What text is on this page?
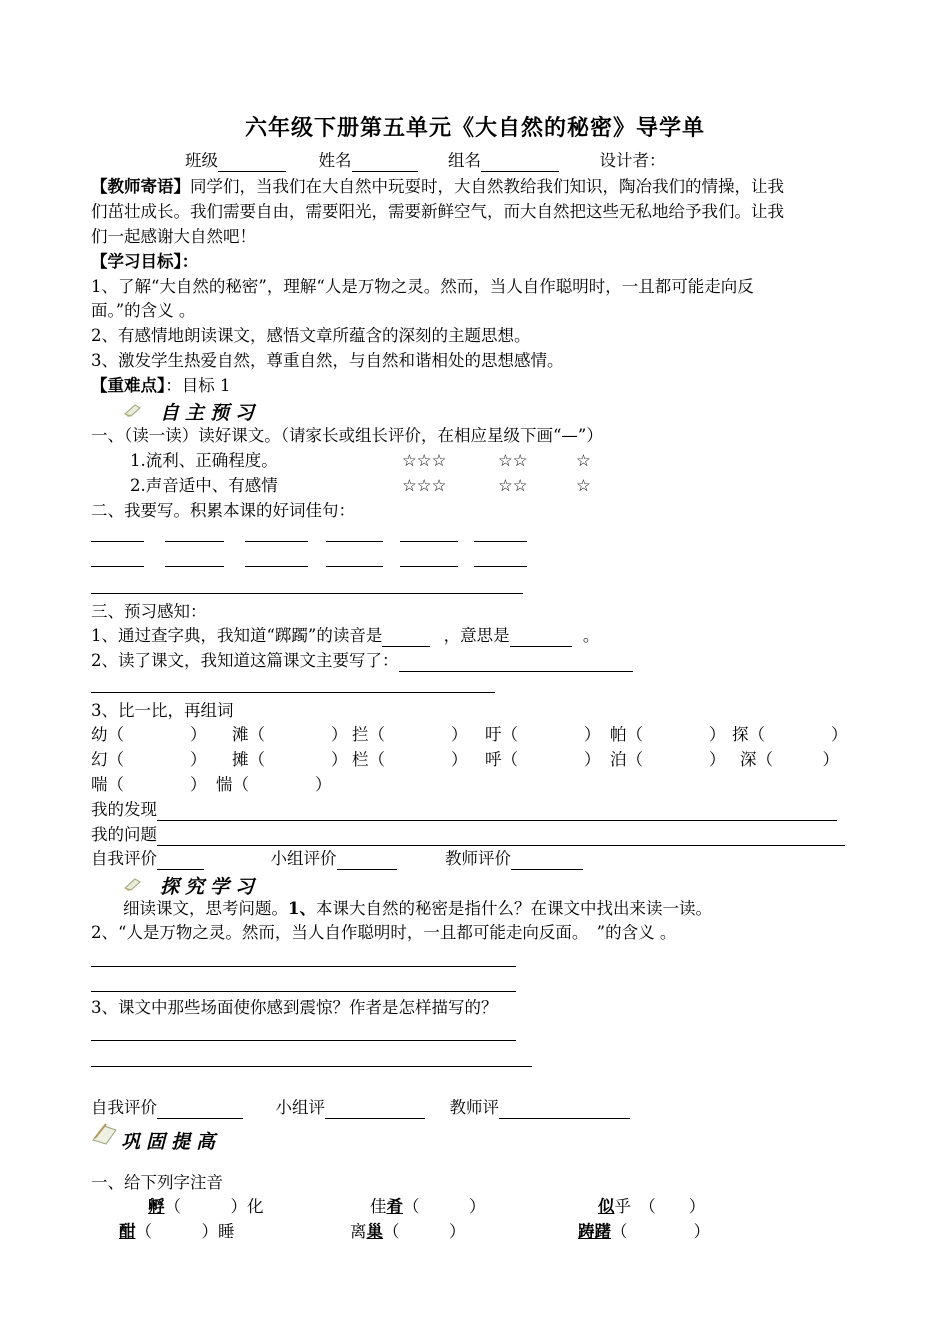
六年级下册第五单元《大自然的秘密》导学单
班级	姓名	组名	设计者：
【教师寄语】同学们，当我们在大自然中玩耍时，大自然教给我们知识，陶冶我们的情操，让我
们茁壮成长。我们需要自由，需要阳光，需要新鲜空气，而大自然把这些无私地给予我们。让我
们一起感谢大自然吧！
【学习目标】：
1、了解“大自然的秘密”，理解“人是万物之灵。然而，当人自作聪明时，一且都可能走向反
面。”的含义 。
2、有感情地朗读课文，感悟文章所蕴含的深刻的主题思想。
3、激发学生热爱自然，尊重自然，与自然和谐相处的思想感情。
【重难点】：目标 1
自主预习
一、（读一读）读好课文。（请家长或组长评价，在相应星级下画“—”）
1.流利、正确程度。	☆☆☆	☆☆	☆
2.声音适中、有感情	☆☆☆	☆☆	☆
二、我要写。积累本课的好词佳句：
三、预习感知：
1、通过查字典，我知道“踯躅”的读音是	，意思是	。
2、读了课文，我知道这篇课文主要写了：
3、比一比，再组词
幼（　　　　） 滩（　　　　） 拦（　　　　） 吁（　　　　） 帕（　　　　） 探（　　　　）
幻（　　　　） 摊（　　　　） 栏（　　　　） 呼（　　　　） 泊（　　　　） 深（　　　）
喘（　　　　） 惴（　　　　）
我的发现
我的问题
自我评价	小组评价	教师评价
探究学习
细读课文，思考问题。1、本课大自然的秘密是指什么？在课文中找出来读一读。
2、“人是万物之灵。然而，当人自作聪明时，一且都可能走向反面。　”的含义 。
3、课文中那些场面使你感到震惊？作者是怎样描写的？
自我评价	小组评	教师评
巩固提高
一、给下列字注音
孵（　　　）化	佳肴（　　　）	似乎　（　　）
酣（　　　）睡	离巢（　　　）	踌躇（　　　　）
